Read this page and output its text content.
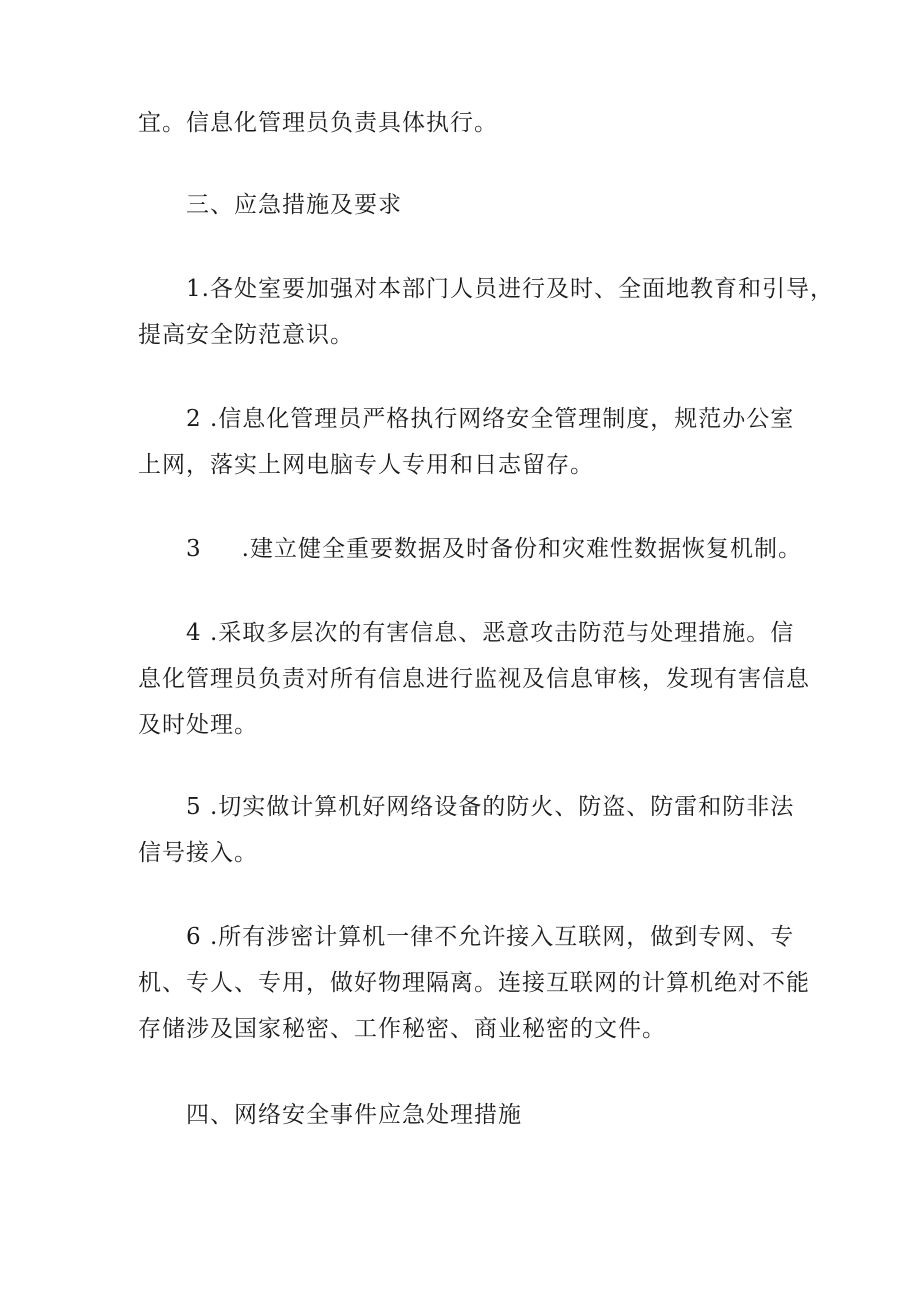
宜。信息化管理员负责具体执行。
三、应急措施及要求
1.各处室要加强对本部门人员进行及时、全面地教育和引导，
提高安全防范意识。
2 .信息化管理员严格执行网络安全管理制度，规范办公室
上网，落实上网电脑专人专用和日志留存。
3 .建立健全重要数据及时备份和灾难性数据恢复机制。
4 .采取多层次的有害信息、恶意攻击防范与处理措施。信
息化管理员负责对所有信息进行监视及信息审核，发现有害信息
及时处理。
5 .切实做计算机好网络设备的防火、防盗、防雷和防非法
信号接入。
6 .所有涉密计算机一律不允许接入互联网，做到专网、专
机、专人、专用，做好物理隔离。连接互联网的计算机绝对不能
存储涉及国家秘密、工作秘密、商业秘密的文件。
四、网络安全事件应急处理措施
